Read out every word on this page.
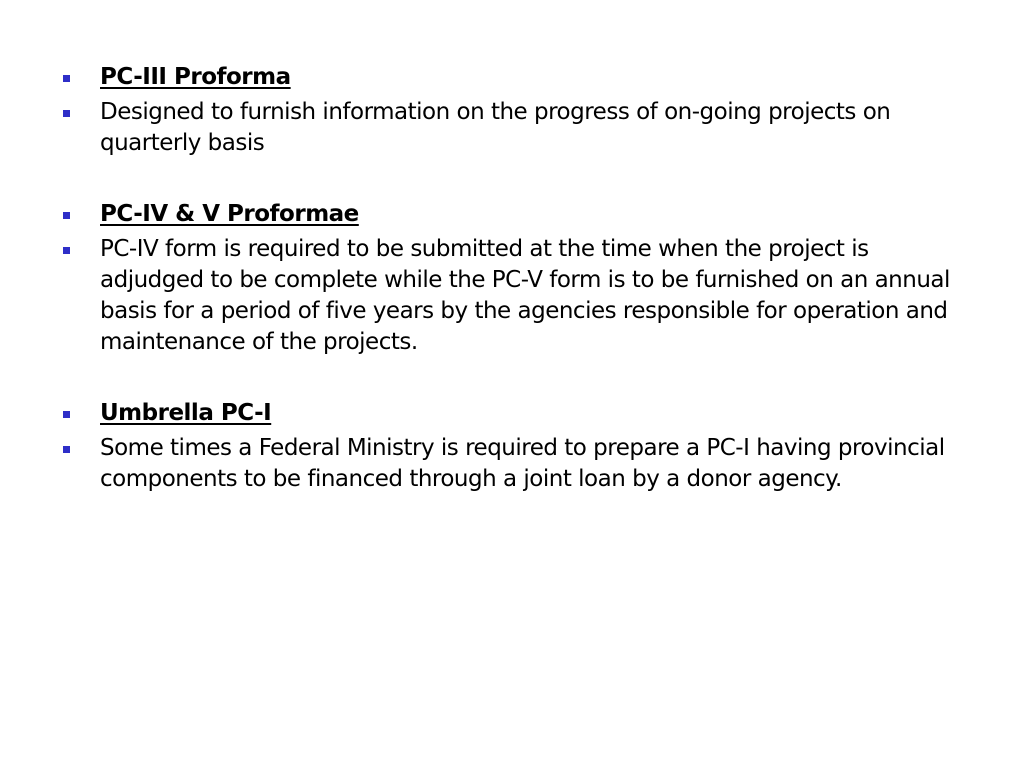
PC-III Proforma
Designed to furnish information on the progress of on-going projects on quarterly basis
PC-IV & V Proformae
PC-IV form is required to be submitted at the time when the project is adjudged to be complete while the PC-V form is to be furnished on an annual basis for a period of five years by the agencies responsible for operation and maintenance of the projects.
Umbrella PC-I
Some times a Federal Ministry is required to prepare a PC-I having provincial components to be financed through a joint loan by a donor agency.
